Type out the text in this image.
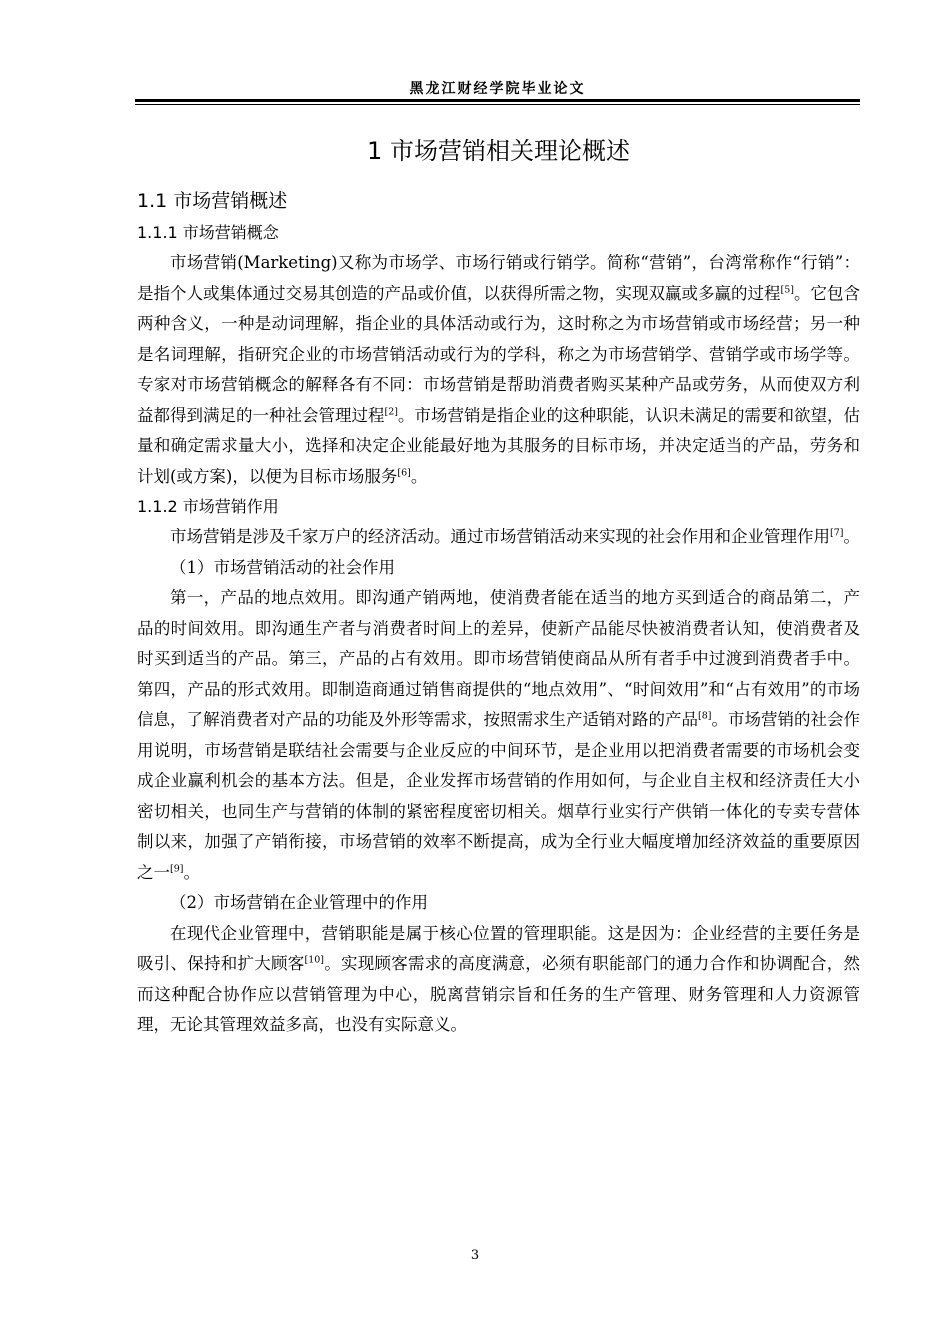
黑龙江财经学院毕业论文
1 市场营销相关理论概述
1.1 市场营销概述
1.1.1 市场营销概念

市场营销(Marketing)又称为市场学、市场行销或行销学。简称“营销”，台湾常称作“行销”：是指个人或集体通过交易其创造的产品或价值，以获得所需之物，实现双赢或多赢的过程[5]。它包含两种含义，一种是动词理解，指企业的具体活动或行为，这时称之为市场营销或市场经营；另一种是名词理解，指研究企业的市场营销活动或行为的学科，称之为市场营销学、营销学或市场学等。专家对市场营销概念的解释各有不同：市场营销是帮助消费者购买某种产品或劳务，从而使双方利益都得到满足的一种社会管理过程[2]。市场营销是指企业的这种职能，认识未满足的需要和欲望，估量和确定需求量大小，选择和决定企业能最好地为其服务的目标市场，并决定适当的产品，劳务和计划(或方案)，以便为目标市场服务[6]。

1.1.2 市场营销作用

市场营销是涉及千家万户的经济活动。通过市场营销活动来实现的社会作用和企业管理作用[7]。

（1）市场营销活动的社会作用

第一，产品的地点效用。即沟通产销两地，使消费者能在适当的地方买到适合的商品第二，产品的时间效用。即沟通生产者与消费者时间上的差异，使新产品能尽快被消费者认知，使消费者及时买到适当的产品。第三，产品的占有效用。即市场营销使商品从所有者手中过渡到消费者手中。第四，产品的形式效用。即制造商通过销售商提供的“地点效用”、“时间效用”和“占有效用”的市场信息，了解消费者对产品的功能及外形等需求，按照需求生产适销对路的产品[8]。市场营销的社会作用说明，市场营销是联结社会需要与企业反应的中间环节，是企业用以把消费者需要的市场机会变成企业赢利机会的基本方法。但是，企业发挥市场营销的作用如何，与企业自主权和经济责任大小密切相关，也同生产与营销的体制的紧密程度密切相关。烟草行业实行产供销一体化的专卖专营体制以来，加强了产销衔接，市场营销的效率不断提高，成为全行业大幅度增加经济效益的重要原因之一[9]。

（2）市场营销在企业管理中的作用

在现代企业管理中，营销职能是属于核心位置的管理职能。这是因为：企业经营的主要任务是吸引、保持和扩大顾客[10]。实现顾客需求的高度满意，必须有职能部门的通力合作和协调配合，然而这种配合协作应以营销管理为中心，脱离营销宗旨和任务的生产管理、财务管理和人力资源管理，无论其管理效益多高，也没有实际意义。

3
